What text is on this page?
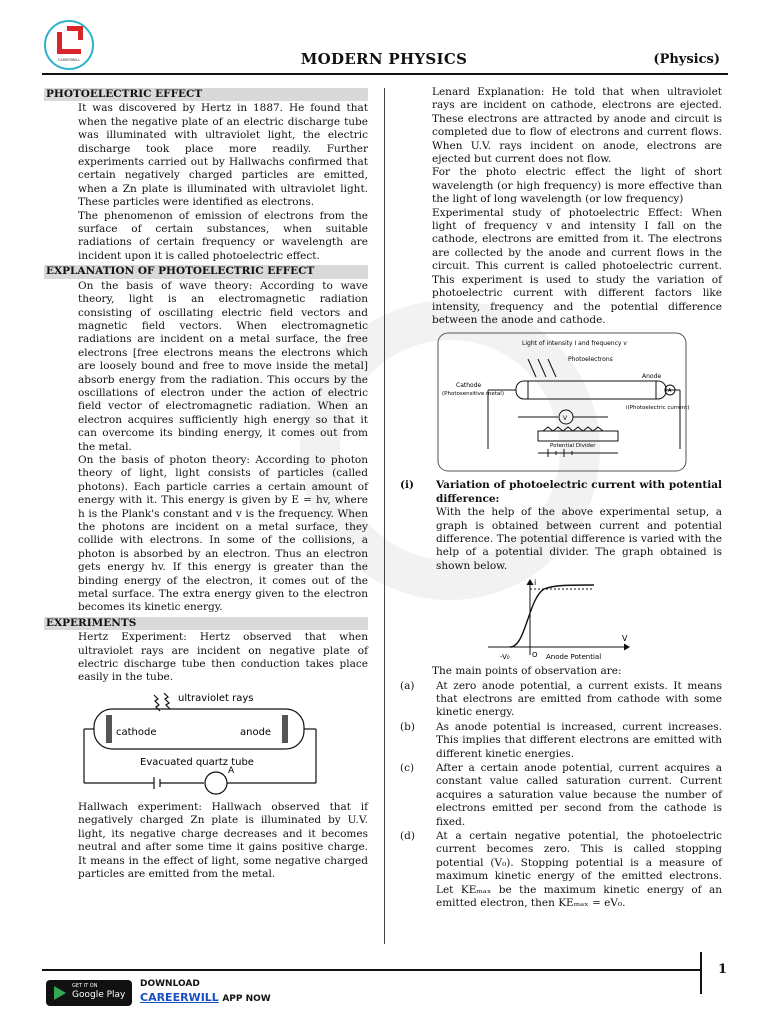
CAREERWILL	MODERN PHYSICS	(Physics)
PHOTOELECTRIC EFFECT

It was discovered by Hertz in 1887. He found that when the negative plate of an electric discharge tube was illuminated with ultraviolet light, the electric discharge took place more readily. Further experiments carried out by Hallwachs confirmed that certain negatively charged particles are emitted, when a Zn plate is illuminated with ultraviolet light. These particles were identified as electrons.

The phenomenon of emission of electrons from the surface of certain substances, when suitable radiations of certain frequency or wavelength are incident upon it is called photoelectric effect.

EXPLANATION OF PHOTOELECTRIC EFFECT

On the basis of wave theory: According to wave theory, light is an electromagnetic radiation consisting of oscillating electric field vectors and magnetic field vectors. When electromagnetic radiations are incident on a metal surface, the free electrons [free electrons means the electrons which are loosely bound and free to move inside the metal] absorb energy from the radiation. This occurs by the oscillations of electron under the action of electric field vector of electromagnetic radiation. When an electron acquires sufficiently high energy so that it can overcome its binding energy, it comes out from the metal.

On the basis of photon theory: According to photon theory of light, light consists of particles (called photons). Each particle carries a certain amount of energy with it. This energy is given by E = hv, where h is the Plank's constant and v is the frequency. When the photons are incident on a metal surface, they collide with electrons. In some of the collisions, a photon is absorbed by an electron. Thus an electron gets energy hv. If this energy is greater than the binding energy of the electron, it comes out of the metal surface. The extra energy given to the electron becomes its kinetic energy.

EXPERIMENTS

Hertz Experiment: Hertz observed that when ultraviolet rays are incident on negative plate of electric discharge tube then conduction takes place easily in the tube.

ultraviolet rays
cathode	anode
Evacuated quartz tube
A

Hallwach experiment: Hallwach observed that if negatively charged Zn plate is illuminated by U.V. light, its negative charge decreases and it becomes neutral and after some time it gains positive charge. It means in the effect of light, some negative charged particles are emitted from the metal.

Lenard Explanation: He told that when ultraviolet rays are incident on cathode, electrons are ejected. These electrons are attracted by anode and circuit is completed due to flow of electrons and current flows. When U.V. rays incident on anode, electrons are ejected but current does not flow.

For the photo electric effect the light of short wavelength (or high frequency) is more effective than the light of long wavelength (or low frequency)

Experimental study of photoelectric Effect: When light of frequency v and intensity I fall on the cathode, electrons are emitted from it. The electrons are collected by the anode and current flows in the circuit. This current is called photoelectric current. This experiment is used to study the variation of photoelectric current with different factors like intensity, frequency and the potential difference between the anode and cathode.

Light of intensity I and frequency v
Photoelectrons
Cathode
(Photosensitive metal)
Anode
i(Photoelectric current)
V
A
Potential Divider
(i)	Variation of photoelectric current with potential difference:
With the help of the above experimental setup, a graph is obtained between current and potential difference. The potential difference is varied with the help of a potential divider. The graph obtained is shown below.
i
V
-V₀	O Anode Potential

The main points of observation are:

(a)	At zero anode potential, a current exists. It means that electrons are emitted from cathode with some kinetic energy.
(b)	As anode potential is increased, current increases. This implies that different electrons are emitted with different kinetic energies.
(c)	After a certain anode potential, current acquires a constant value called saturation current. Current acquires a saturation value because the number of electrons emitted per second from the cathode is fixed.
(d)	At a certain negative potential, the photoelectric current becomes zero. This is called stopping potential (V₀). Stopping potential is a measure of maximum kinetic energy of the emitted electrons. Let KEₘₐₓ be the maximum kinetic energy of an emitted electron, then KEₘₐₓ = eV₀.
1
GET IT ON
Google Play
DOWNLOAD
CAREERWILL APP NOW
